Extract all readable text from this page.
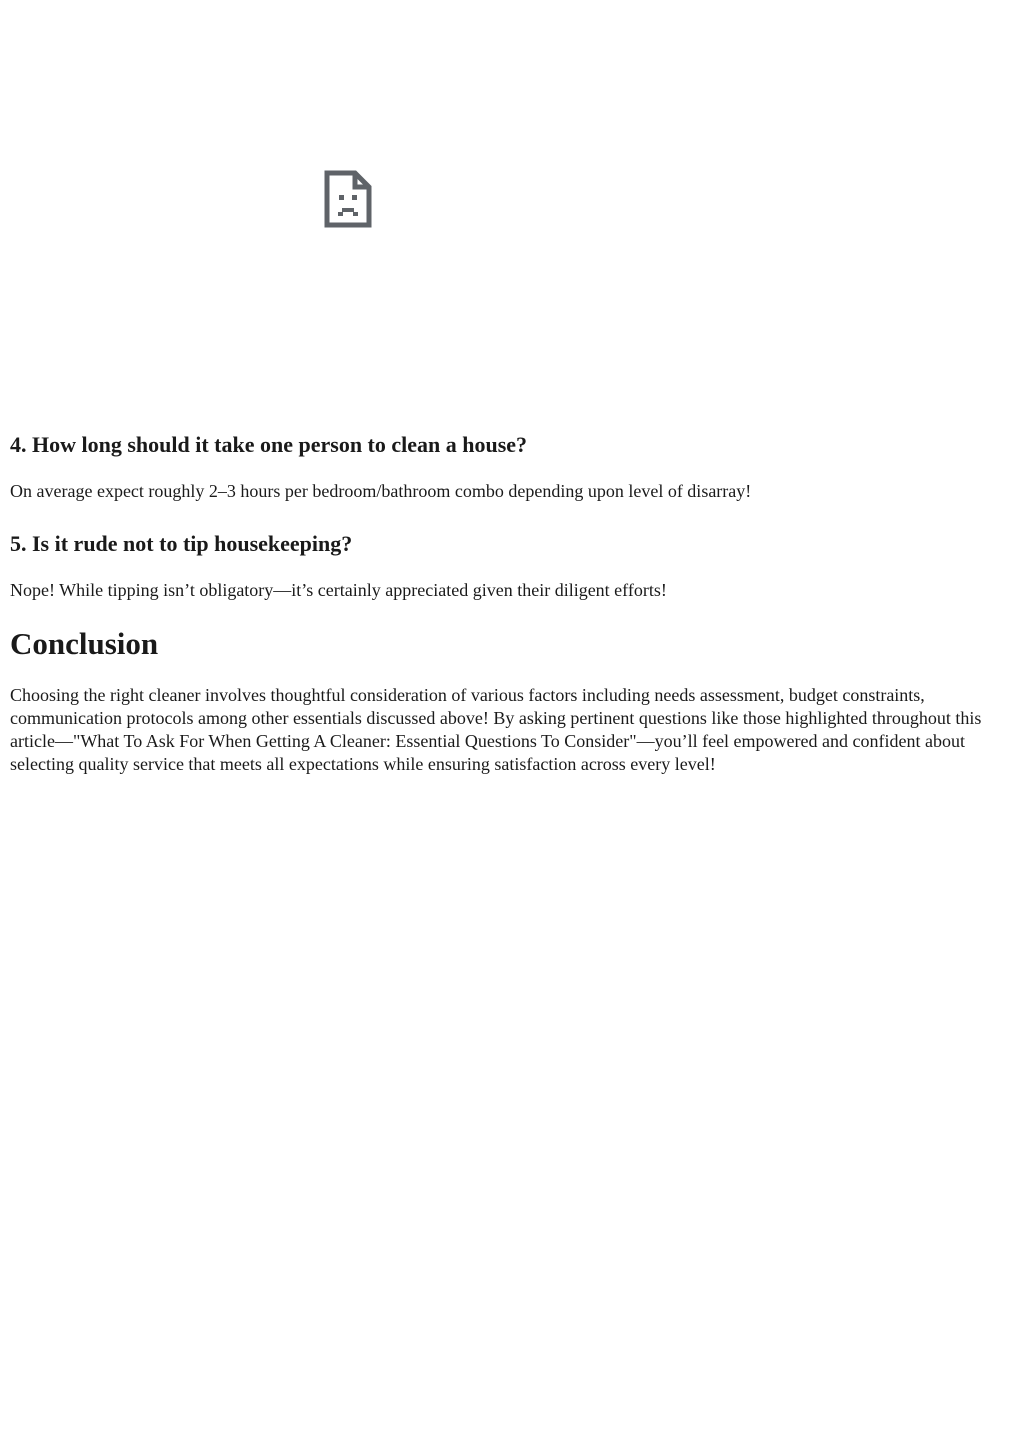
4. How long should it take one person to clean a house?

On average expect roughly 2–3 hours per bedroom/bathroom combo depending upon level of disarray!

5. Is it rude not to tip housekeeping?

Nope! While tipping isn’t obligatory—it’s certainly appreciated given their diligent efforts!

Conclusion

Choosing the right cleaner involves thoughtful consideration of various factors including needs assessment, budget constraints, communication protocols among other essentials discussed above! By asking pertinent questions like those highlighted throughout this article—"What To Ask For When Getting A Cleaner: Essential Questions To Consider"—you’ll feel empowered and confident about selecting quality service that meets all expectations while ensuring satisfaction across every level!
